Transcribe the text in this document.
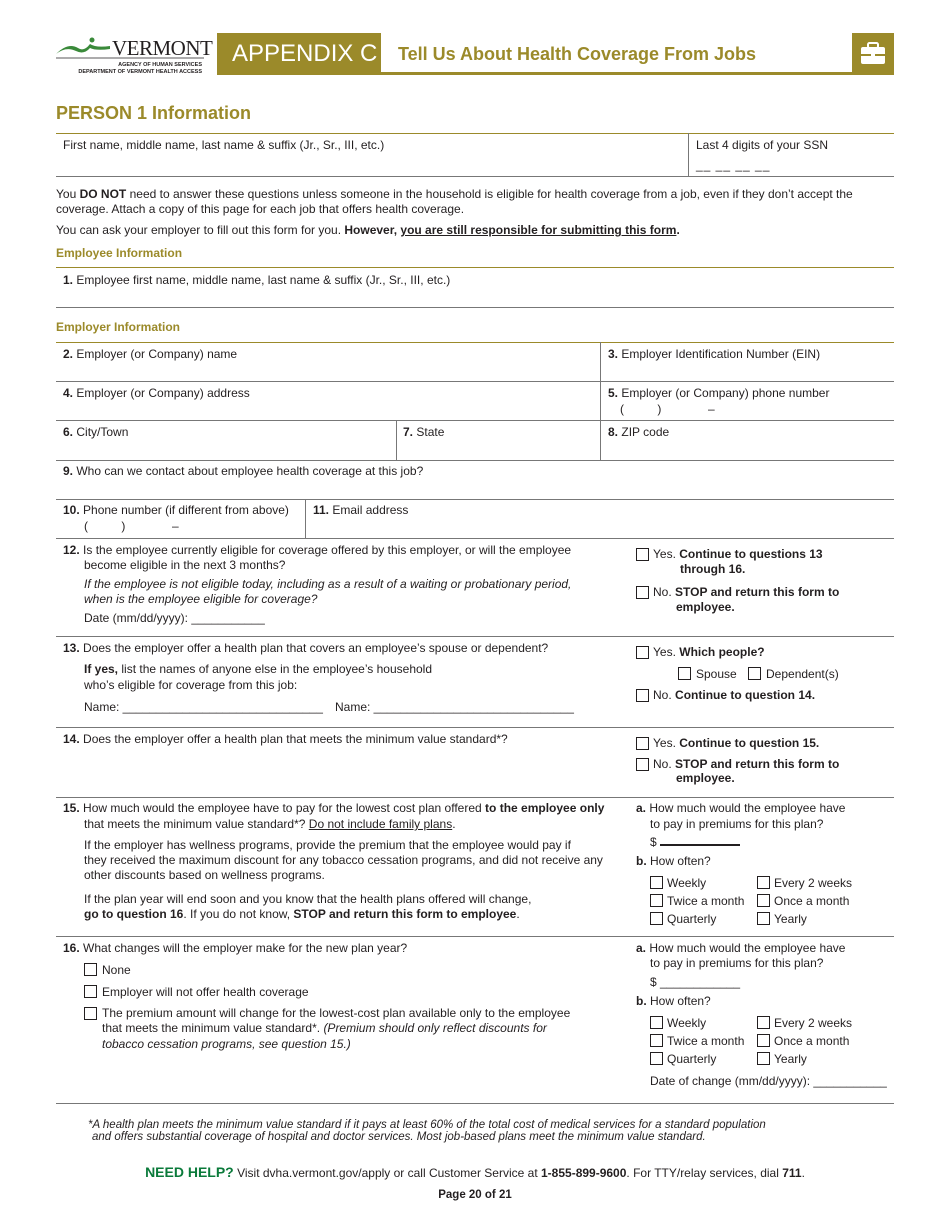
VERMONT
AGENCY OF HUMAN SERVICES
DEPARTMENT OF VERMONT HEALTH ACCESS
APPENDIX C Tell Us About Health Coverage From Jobs
PERSON 1 Information
First name, middle name, last name & suffix (Jr., Sr., III, etc.)	Last 4 digits of your SSN
__ __ __ __
You DO NOT need to answer these questions unless someone in the household is eligible for health coverage from a job, even if they don’t accept the coverage. Attach a copy of this page for each job that offers health coverage.
You can ask your employer to fill out this form for you. However, you are still responsible for submitting this form.
Employee Information
1. Employee first name, middle name, last name & suffix (Jr., Sr., III, etc.)
Employer Information
2. Employer (or Company) name	3. Employer Identification Number (EIN)
4. Employer (or Company) address	5. Employer (or Company) phone number
(          )              –
6. City/Town	7. State	8. ZIP code
9. Who can we contact about employee health coverage at this job?
10. Phone number (if different from above)
(          )              –
11. Email address
12. Is the employee currently eligible for coverage offered by this employer, or will the employee
become eligible in the next 3 months?
If the employee is not eligible today, including as a result of a waiting or probationary period,
when is the employee eligible for coverage?
Date (mm/dd/yyyy): ___________
Yes. Continue to questions 13
through 16.
No. STOP and return this form to
employee.
13. Does the employer offer a health plan that covers an employee’s spouse or dependent?
If yes, list the names of anyone else in the employee’s household
who’s eligible for coverage from this job:
Name: ______________________________ Name: ______________________________
Yes. Which people?
Spouse Dependent(s)
No. Continue to question 14.
14. Does the employer offer a health plan that meets the minimum value standard*?	Yes. Continue to question 15.
No. STOP and return this form to
employee.
15. How much would the employee have to pay for the lowest cost plan offered to the employee only
that meets the minimum value standard*? Do not include family plans.
If the employer has wellness programs, provide the premium that the employee would pay if
they received the maximum discount for any tobacco cessation programs, and did not receive any
other discounts based on wellness programs.
If the plan year will end soon and you know that the health plans offered will change,
go to question 16. If you do not know, STOP and return this form to employee.
a. How much would the employee have
to pay in premiums for this plan?
$
b. How often?
Weekly	Every 2 weeks
Twice a month Once a month
Quarterly	Yearly
16. What changes will the employer make for the new plan year?
None
Employer will not offer health coverage
The premium amount will change for the lowest-cost plan available only to the employee
that meets the minimum value standard*. (Premium should only reflect discounts for
tobacco cessation programs, see question 15.)
a. How much would the employee have
to pay in premiums for this plan?
$ ____________
b. How often?
Weekly	Every 2 weeks
Twice a month Once a month
Quarterly	Yearly
Date of change (mm/dd/yyyy): ___________
*A health plan meets the minimum value standard if it pays at least 60% of the total cost of medical services for a standard population
and offers substantial coverage of hospital and doctor services. Most job-based plans meet the minimum value standard.
NEED HELP? Visit dvha.vermont.gov/apply or call Customer Service at 1-855-899-9600. For TTY/relay services, dial 711.
Page 20 of 21
